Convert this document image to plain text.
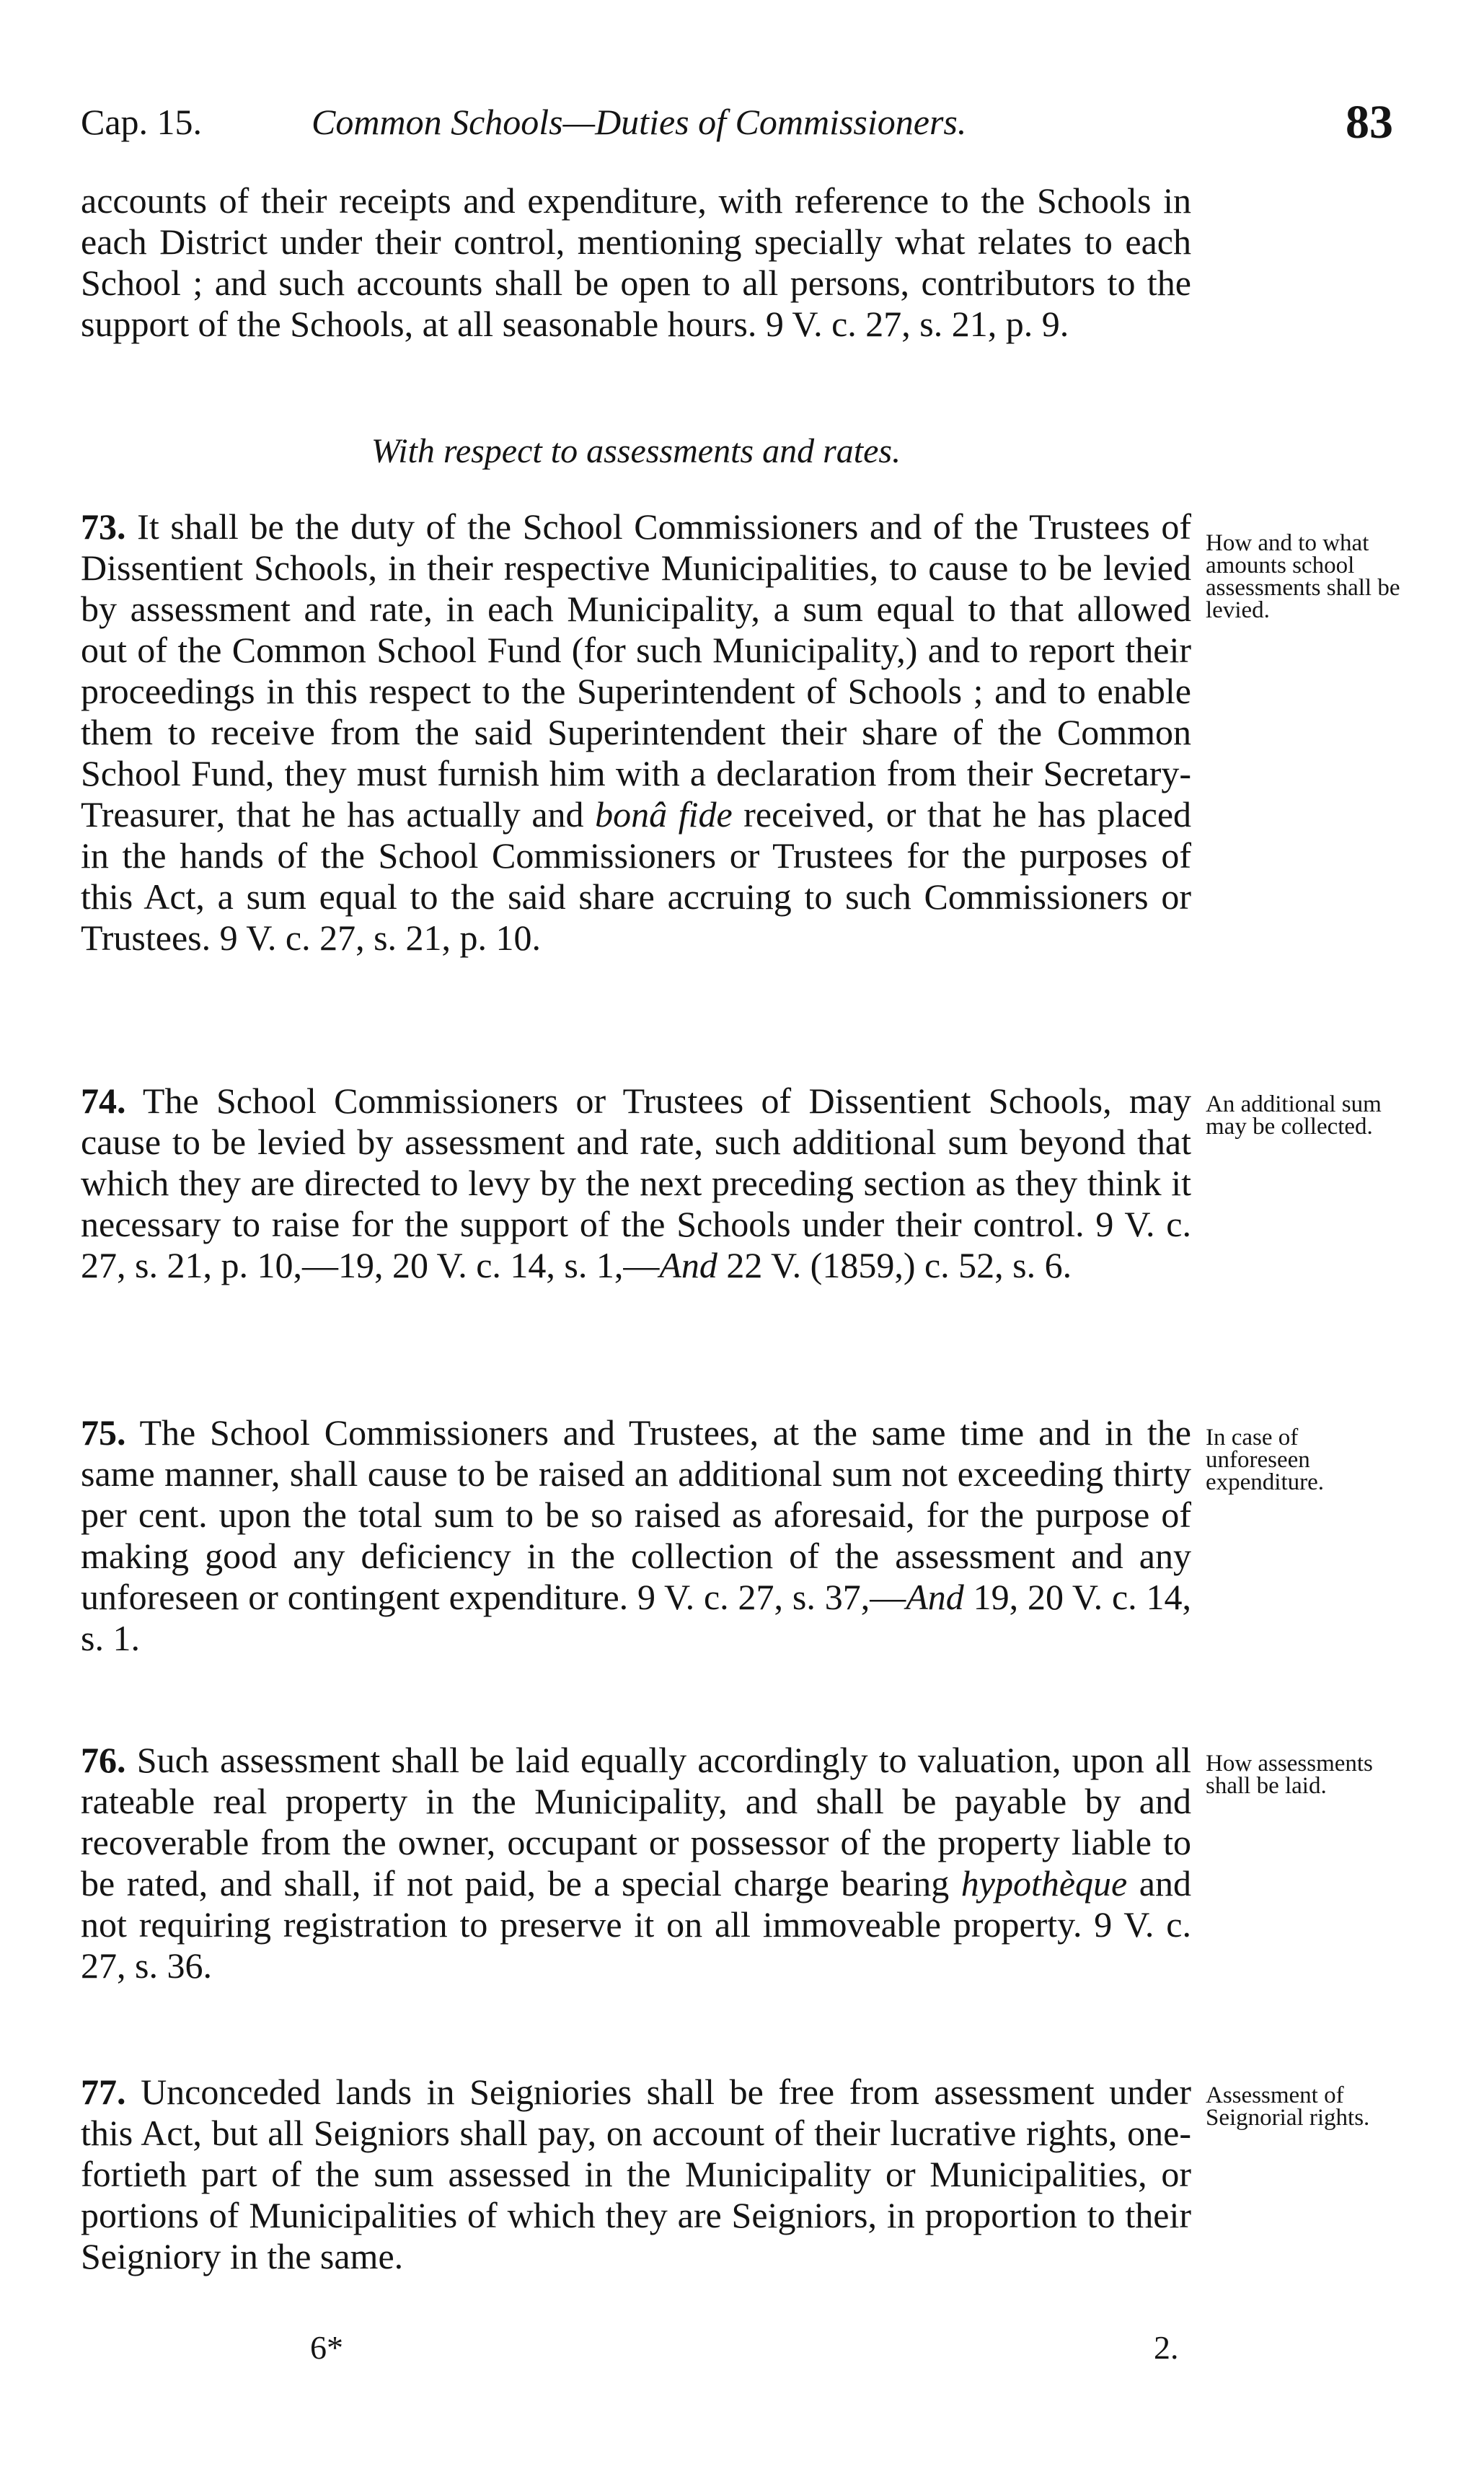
Cap. 15.	Common Schools—Duties of Commissioners.	83

accounts of their receipts and expenditure, with reference to the Schools in each District under their control, mentioning specially what relates to each School ; and such accounts shall be open to all persons, contributors to the support of the Schools, at all seasonable hours. 9 V. c. 27, s. 21, p. 9.

With respect to assessments and rates.

73. It shall be the duty of the School Commissioners and of the Trustees of Dissentient Schools, in their respective Municipalities, to cause to be levied by assessment and rate, in each Municipality, a sum equal to that allowed out of the Common School Fund (for such Municipality,) and to report their proceedings in this respect to the Superintendent of Schools ; and to enable them to receive from the said Superintendent their share of the Common School Fund, they must furnish him with a declaration from their Secretary-Treasurer, that he has actually and bonâ fide received, or that he has placed in the hands of the School Commissioners or Trustees for the purposes of this Act, a sum equal to the said share accruing to such Commissioners or Trustees. 9 V. c. 27, s. 21, p. 10.

How and to what amounts school assessments shall be levied.

74. The School Commissioners or Trustees of Dissentient Schools, may cause to be levied by assessment and rate, such additional sum beyond that which they are directed to levy by the next preceding section as they think it necessary to raise for the support of the Schools under their control. 9 V. c. 27, s. 21, p. 10,—19, 20 V. c. 14, s. 1,—And 22 V. (1859,) c. 52, s. 6.

An additional sum may be collected.

75. The School Commissioners and Trustees, at the same time and in the same manner, shall cause to be raised an additional sum not exceeding thirty per cent. upon the total sum to be so raised as aforesaid, for the purpose of making good any deficiency in the collection of the assessment and any unforeseen or contingent expenditure. 9 V. c. 27, s. 37,—And 19, 20 V. c. 14, s. 1.

In case of unforeseen expenditure.

76. Such assessment shall be laid equally accordingly to valuation, upon all rateable real property in the Municipality, and shall be payable by and recoverable from the owner, occupant or possessor of the property liable to be rated, and shall, if not paid, be a special charge bearing hypothèque and not requiring registration to preserve it on all immoveable property. 9 V. c. 27, s. 36.

How assessments shall be laid.

77. Unconceded lands in Seigniories shall be free from assessment under this Act, but all Seigniors shall pay, on account of their lucrative rights, one-fortieth part of the sum assessed in the Municipality or Municipalities, or portions of Municipalities of which they are Seigniors, in proportion to their Seigniory in the same.

Assessment of Seignorial rights.
6*	2.
